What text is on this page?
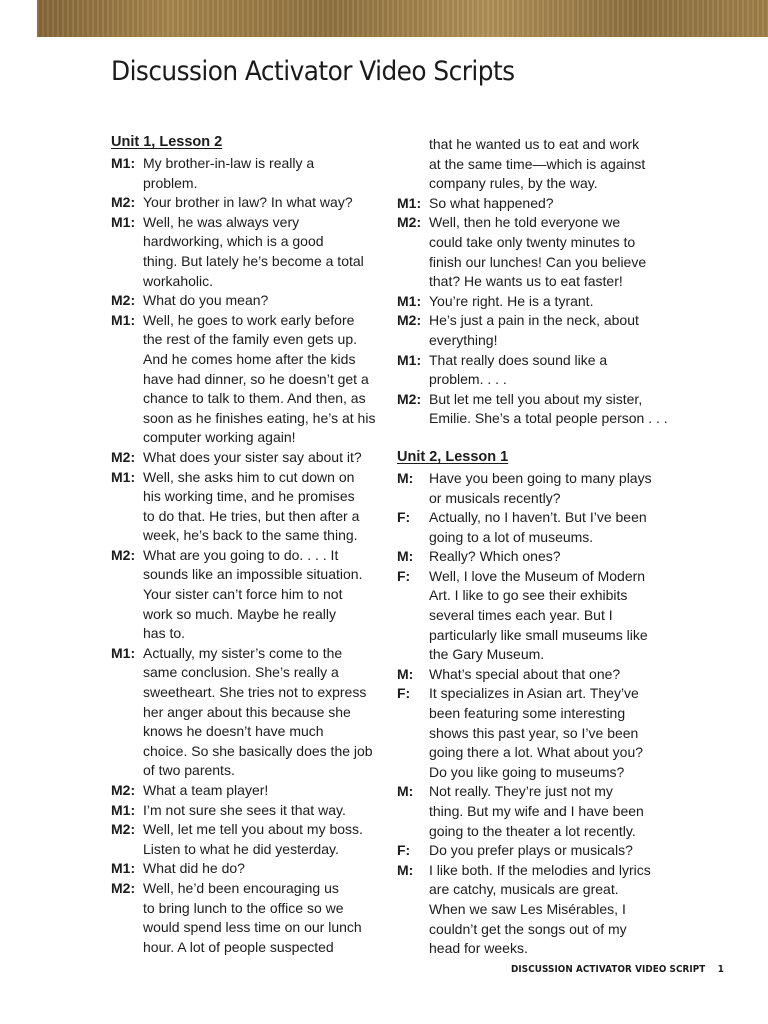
Discussion Activator Video Scripts
Unit 1, Lesson 2
M1: My brother-in-law is really a
problem.
M2: Your brother in law? In what way?
M1: Well, he was always very
hardworking, which is a good
thing. But lately he’s become a total
workaholic.
M2: What do you mean?
M1: Well, he goes to work early before
the rest of the family even gets up.
And he comes home after the kids
have had dinner, so he doesn’t get a
chance to talk to them. And then, as
soon as he finishes eating, he’s at his
computer working again!
M2: What does your sister say about it?
M1: Well, she asks him to cut down on
his working time, and he promises
to do that. He tries, but then after a
week, he’s back to the same thing.
M2: What are you going to do. . . . It
sounds like an impossible situation.
Your sister can’t force him to not
work so much. Maybe he really
has to.
M1: Actually, my sister’s come to the
same conclusion. She’s really a
sweetheart. She tries not to express
her anger about this because she
knows he doesn’t have much
choice. So she basically does the job
of two parents.
M2: What a team player!
M1: I’m not sure she sees it that way.
M2: Well, let me tell you about my boss.
Listen to what he did yesterday.
M1: What did he do?
M2: Well, he’d been encouraging us
to bring lunch to the office so we
would spend less time on our lunch
hour. A lot of people suspected
that he wanted us to eat and work
at the same time—which is against
company rules, by the way.
M1: So what happened?
M2: Well, then he told everyone we
could take only twenty minutes to
finish our lunches! Can you believe
that? He wants us to eat faster!
M1: You’re right. He is a tyrant.
M2: He’s just a pain in the neck, about
everything!
M1: That really does sound like a
problem. . . .
M2: But let me tell you about my sister,
Emilie. She’s a total people person . . .
Unit 2, Lesson 1
M:	Have you been going to many plays
or musicals recently?
F:	Actually, no I haven’t. But I’ve been
going to a lot of museums.
M:	Really? Which ones?
F:	Well, I love the Museum of Modern
Art. I like to go see their exhibits
several times each year. But I
particularly like small museums like
the Gary Museum.
M:	What’s special about that one?
F:	It specializes in Asian art. They’ve
been featuring some interesting
shows this past year, so I’ve been
going there a lot. What about you?
Do you like going to museums?
M:	Not really. They’re just not my
thing. But my wife and I have been
going to the theater a lot recently.
F:	Do you prefer plays or musicals?
M:	I like both. If the melodies and lyrics
are catchy, musicals are great.
When we saw Les Misérables, I
couldn’t get the songs out of my
head for weeks.
DISCUSSION ACTIVATOR VIDEO SCRIPT 1
